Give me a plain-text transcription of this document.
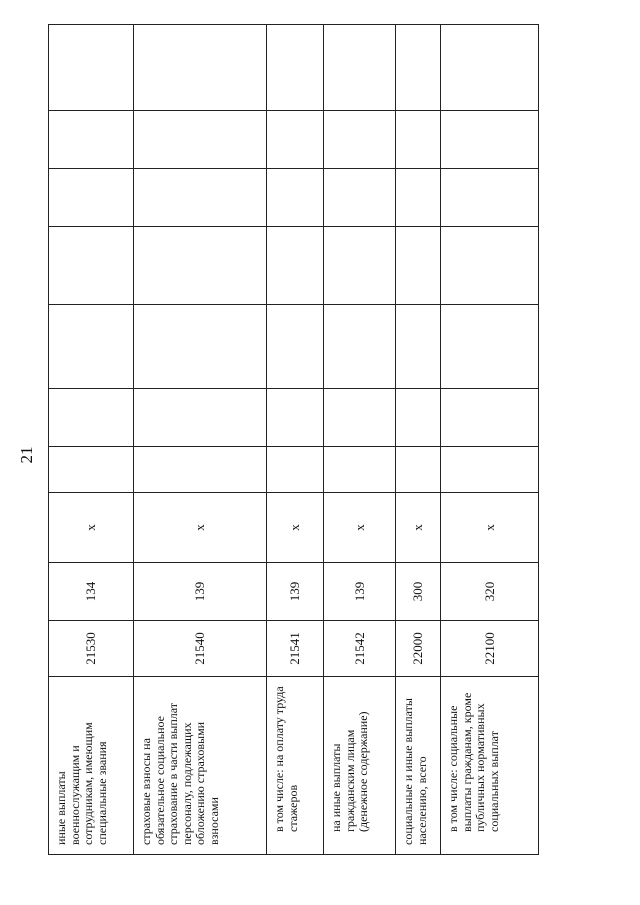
21
иные выплаты военнослужащим и сотрудникам, имеющим специальные звания	21530	134	x							
страховые взносы на обязательное социальное страхование в части выплат персоналу, подлежащих обложению страховыми взносами	21540	139	x							
в том числе: на оплату труда стажеров	21541	139	x							
на иные выплаты гражданским лицам (денежное содержание)	21542	139	x							
социальные и иные выплаты населению, всего	22000	300	x							
в том числе: социальные выплаты гражданам, кроме публичных нормативных социальных выплат	22100	320	x							
